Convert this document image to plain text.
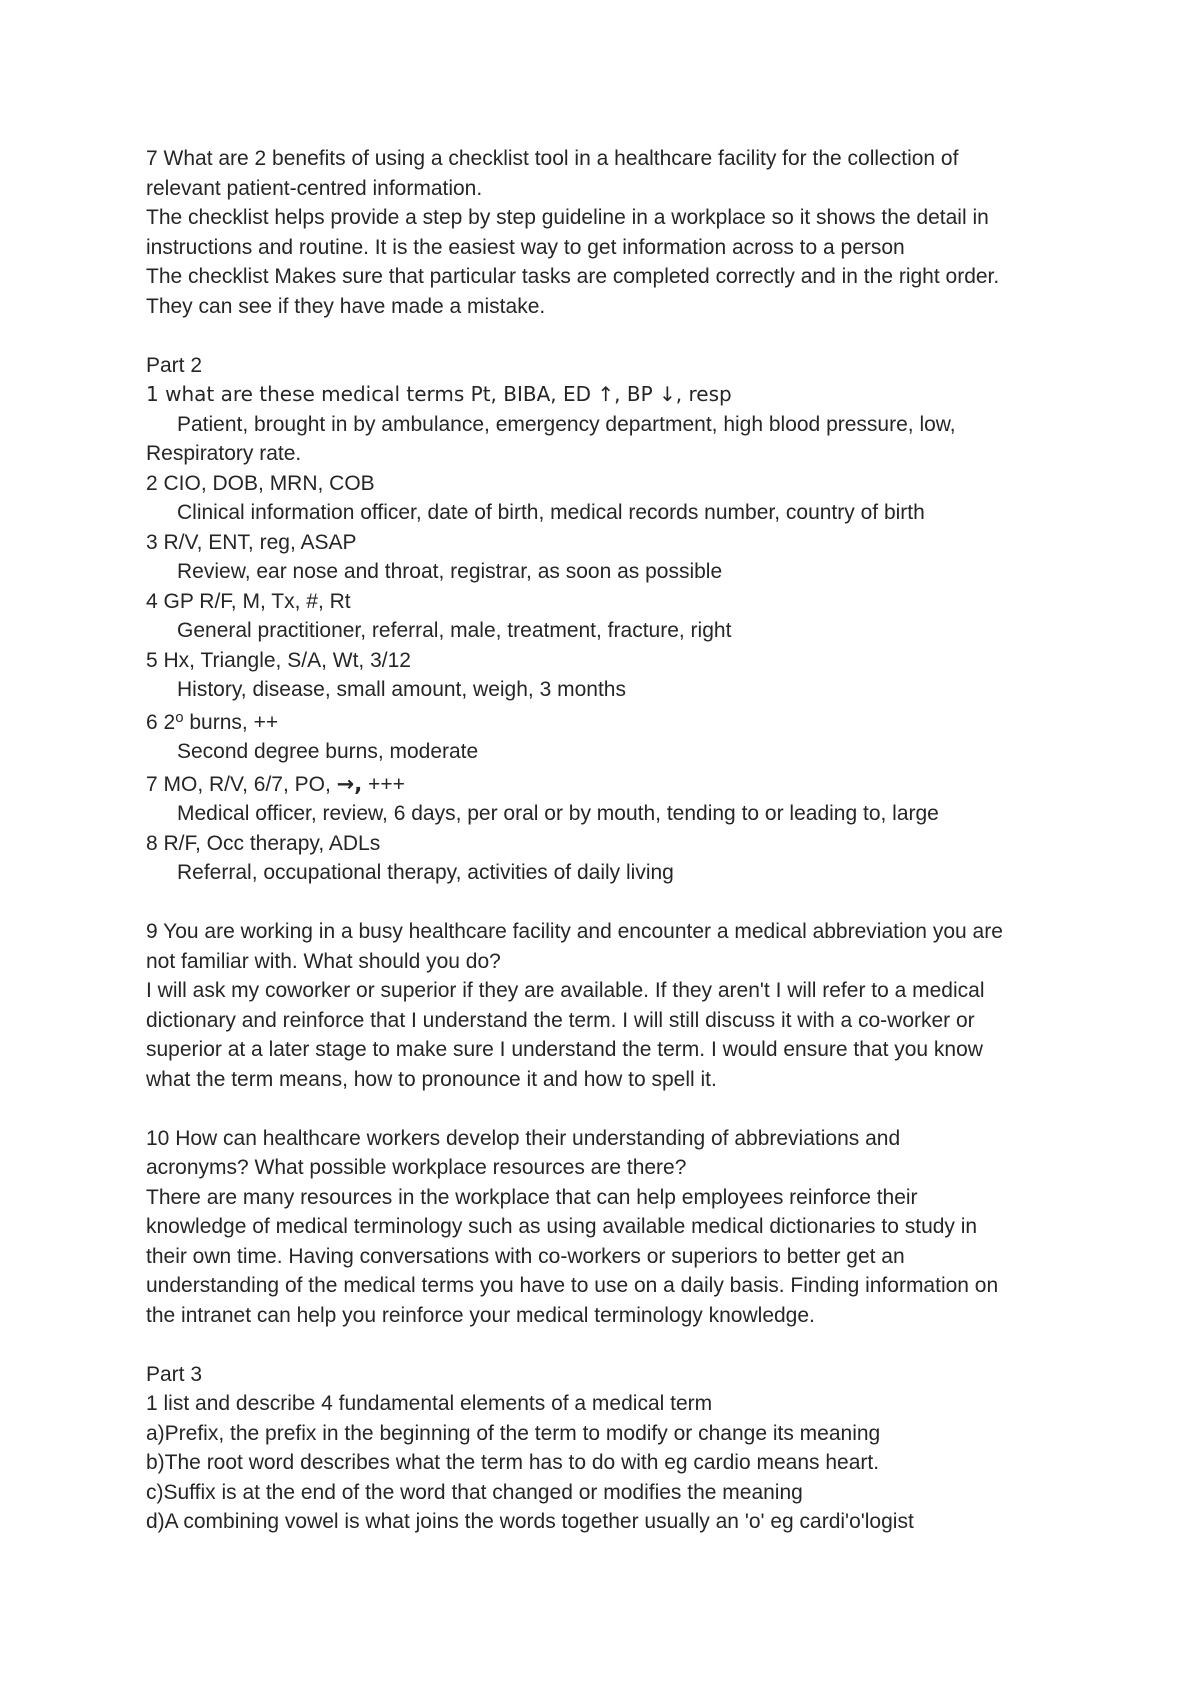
7 What are 2 benefits of using a checklist tool in a healthcare facility for the collection of
relevant patient-centred information.
The checklist helps provide a step by step guideline in a workplace so it shows the detail in
instructions and routine. It is the easiest way to get information across to a person
The checklist Makes sure that particular tasks are completed correctly and in the right order.
They can see if they have made a mistake.
Part 2
1 what are these medical terms Pt, BIBA, ED ↑, BP ↓, resp
Patient, brought in by ambulance, emergency department, high blood pressure, low,
Respiratory rate.
2 CIO, DOB, MRN, COB
Clinical information officer, date of birth, medical records number, country of birth
3 R/V, ENT, reg, ASAP
Review, ear nose and throat, registrar, as soon as possible
4 GP R/F, M, Tx, #, Rt
General practitioner, referral, male, treatment, fracture, right
5 Hx, Triangle, S/A, Wt, 3/12
History, disease, small amount, weigh, 3 months
6 2$^o$ burns, ++
Second degree burns, moderate
7 MO, R/V, 6/7, PO, →, +++
Medical officer, review, 6 days, per oral or by mouth, tending to or leading to, large
8 R/F, Occ therapy, ADLs
Referral, occupational therapy, activities of daily living
9 You are working in a busy healthcare facility and encounter a medical abbreviation you are
not familiar with. What should you do?
I will ask my coworker or superior if they are available. If they aren't I will refer to a medical
dictionary and reinforce that I understand the term. I will still discuss it with a co-worker or
superior at a later stage to make sure I understand the term. I would ensure that you know
what the term means, how to pronounce it and how to spell it.
10 How can healthcare workers develop their understanding of abbreviations and
acronyms? What possible workplace resources are there?
There are many resources in the workplace that can help employees reinforce their
knowledge of medical terminology such as using available medical dictionaries to study in
their own time. Having conversations with co-workers or superiors to better get an
understanding of the medical terms you have to use on a daily basis. Finding information on
the intranet can help you reinforce your medical terminology knowledge.
Part 3
1 list and describe 4 fundamental elements of a medical term
a)Prefix, the prefix in the beginning of the term to modify or change its meaning
b)The root word describes what the term has to do with eg cardio means heart.
c)Suffix is at the end of the word that changed or modifies the meaning
d)A combining vowel is what joins the words together usually an 'o' eg cardi'o'logist
